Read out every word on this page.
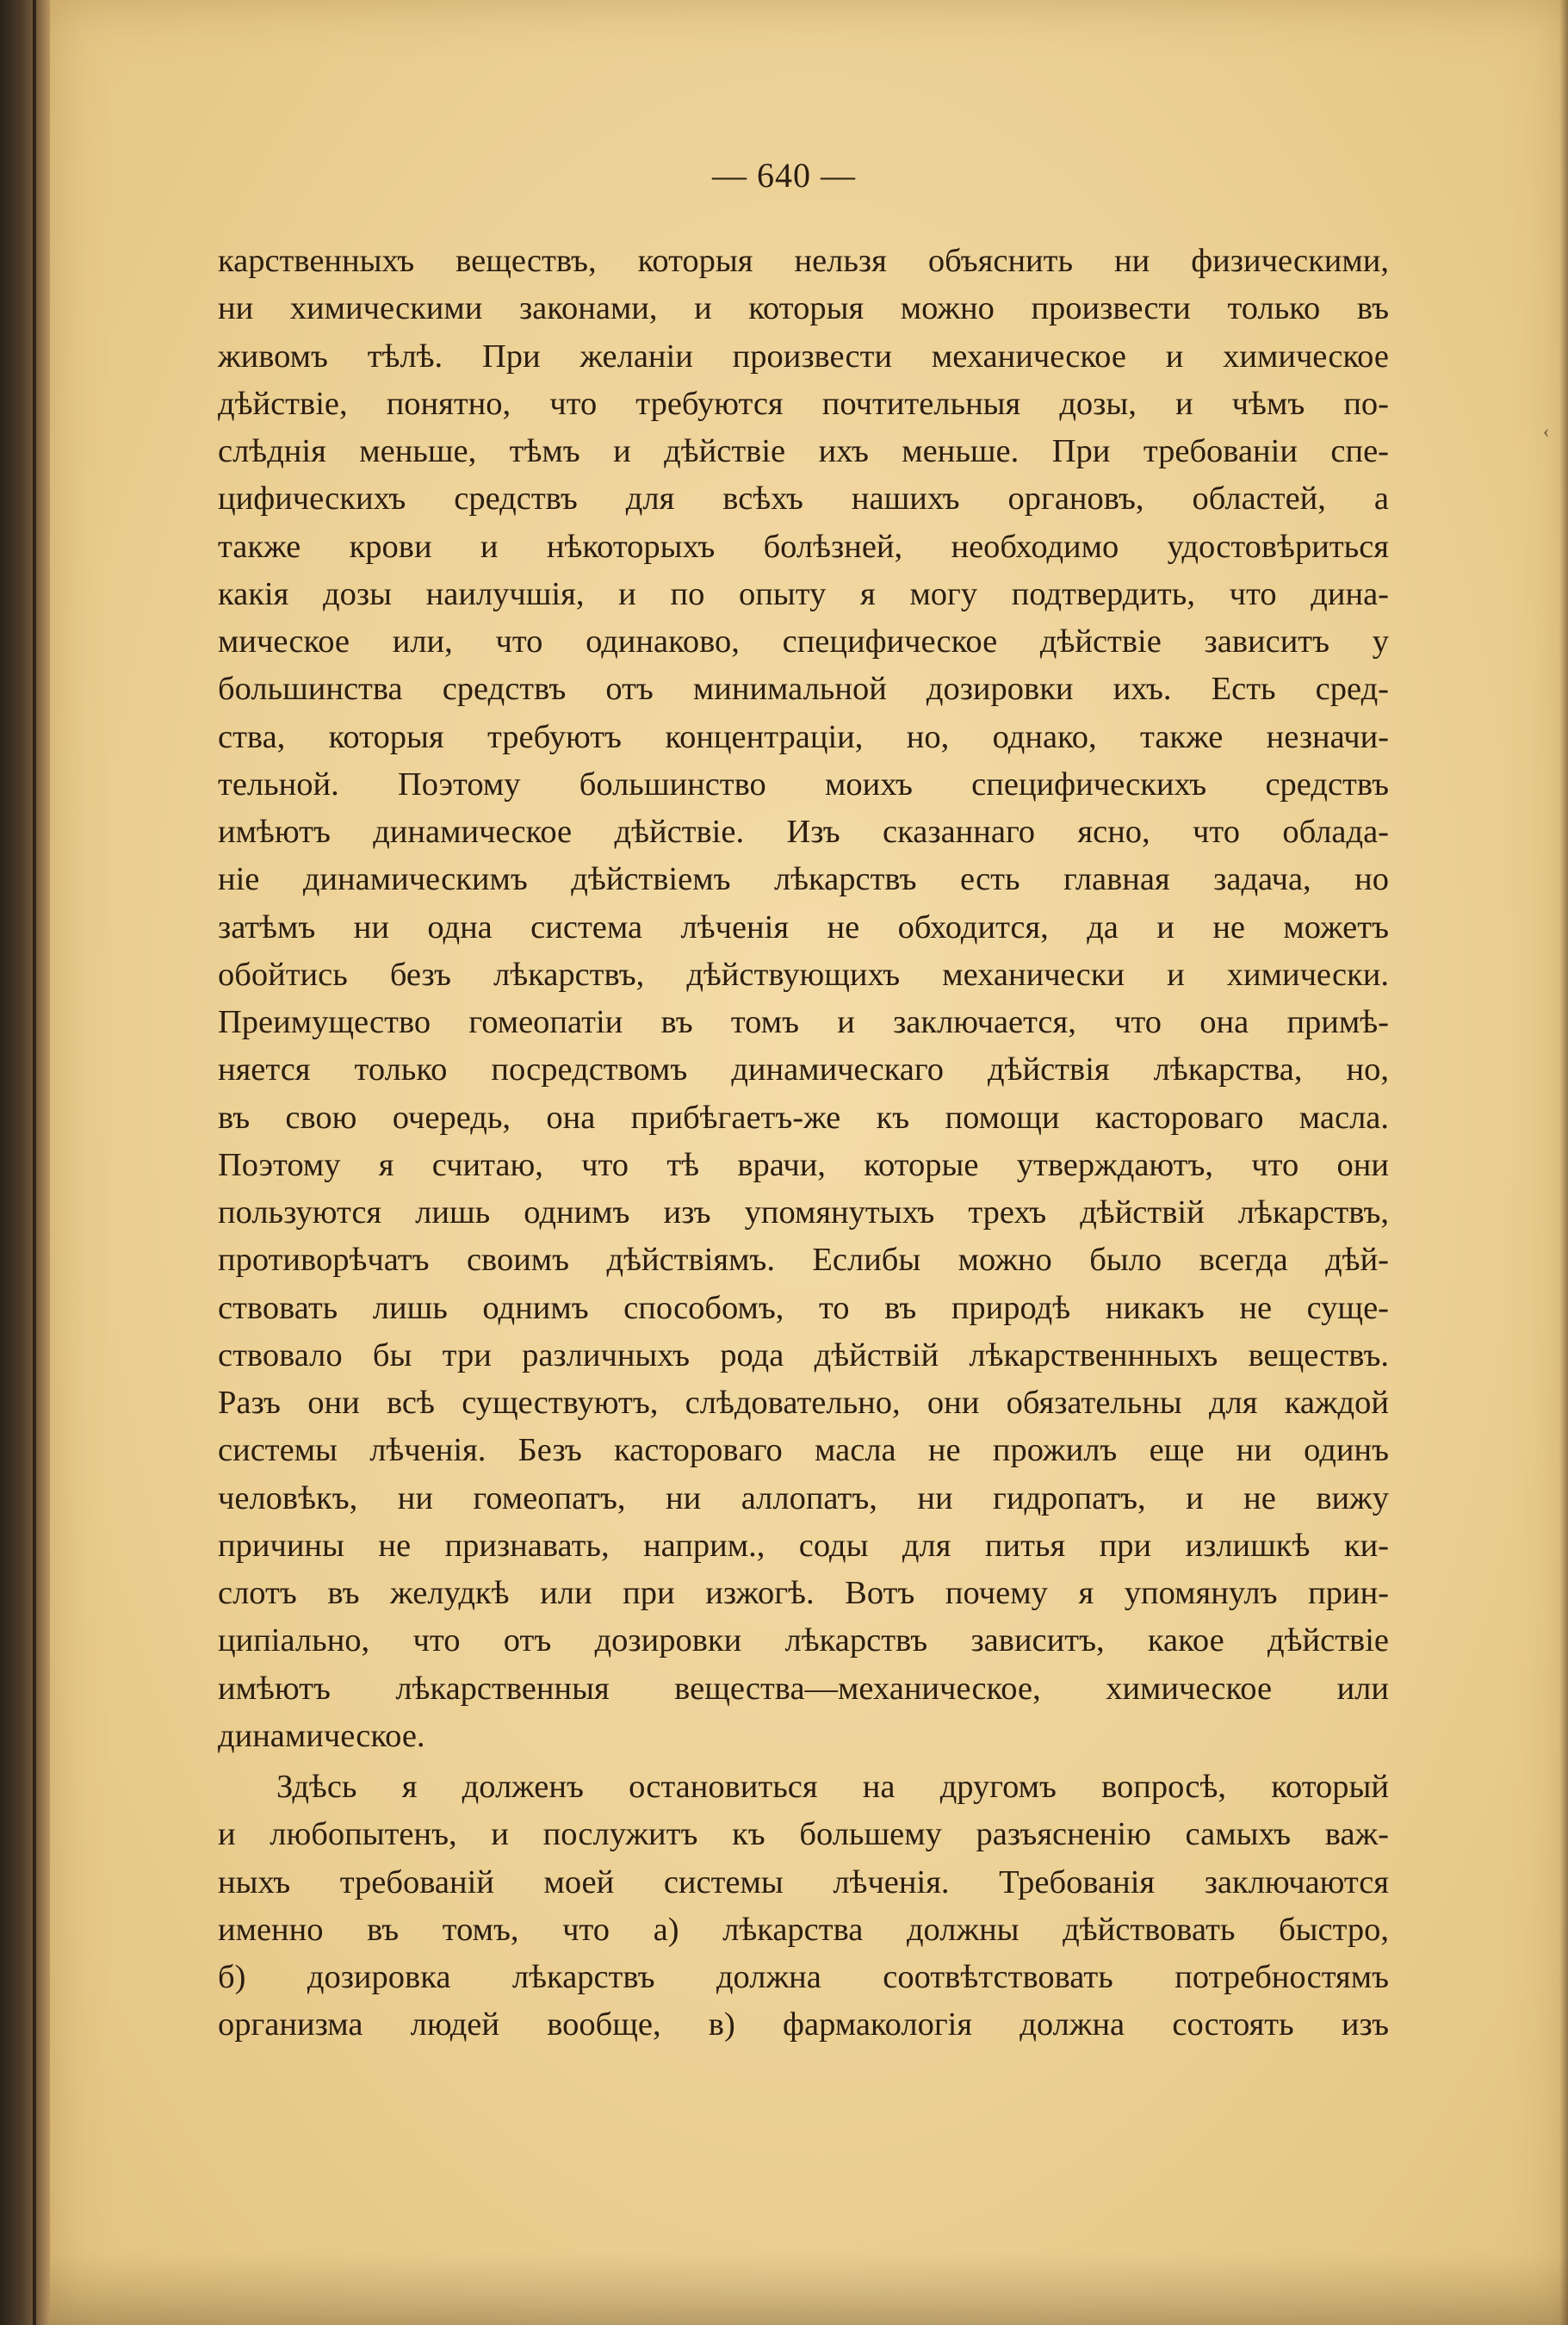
‹
— 640 —
карственныхъ веществъ, которыя нельзя объяснить ни физическими,
ни химическими законами, и которыя можно произвести только въ
живомъ тѣлѣ. При желаніи произвести механическое и химическое
дѣйствіе, понятно, что требуются почтительныя дозы, и чѣмъ по-
слѣднія меньше, тѣмъ и дѣйствіе ихъ меньше. При требованіи спе-
цифическихъ средствъ для всѣхъ нашихъ органовъ, областей, а
также крови и нѣкоторыхъ болѣзней, необходимо удостовѣриться
какія дозы наилучшія, и по опыту я могу подтвердить, что дина-
мическое или, что одинаково, специфическое дѣйствіе зависитъ у
большинства средствъ отъ минимальной дозировки ихъ. Есть сред-
ства, которыя требуютъ концентраціи, но, однако, также незначи-
тельной. Поэтому большинство моихъ специфическихъ средствъ
имѣютъ динамическое дѣйствіе. Изъ сказаннаго ясно, что облада-
ніе динамическимъ дѣйствіемъ лѣкарствъ есть главная задача, но
затѣмъ ни одна система лѣченія не обходится, да и не можетъ
обойтись безъ лѣкарствъ, дѣйствующихъ механически и химически.
Преимущество гомеопатіи въ томъ и заключается, что она примѣ-
няется только посредствомъ динамическаго дѣйствія лѣкарства, но,
въ свою очередь, она прибѣгаетъ-же къ помощи касторовaго масла.
Поэтому я считаю, что тѣ врачи, которые утверждаютъ, что они
пользуются лишь однимъ изъ упомянутыхъ трехъ дѣйствій лѣкарствъ,
противорѣчатъ своимъ дѣйствіямъ. Еслибы можно было всегда дѣй-
ствовать лишь однимъ способомъ, то въ природѣ никакъ не суще-
ствовало бы три различныхъ рода дѣйствій лѣкарственнныхъ веществъ.
Разъ они всѣ существуютъ, слѣдовательно, они обязательны для каждой
системы лѣченія. Безъ касторовaго масла не прожилъ еще ни одинъ
человѣкъ, ни гомеопатъ, ни аллопатъ, ни гидропатъ, и не вижу
причины не признавать, наприм., соды для питья при излишкѣ ки-
слотъ въ желудкѣ или при изжогѣ. Вотъ почему я упомянулъ прин-
ципіально, что отъ дозировки лѣкарствъ зависитъ, какое дѣйствіе
имѣютъ лѣкарственныя вещества—механическое, химическое или
динамическое.
Здѣсь я долженъ остановиться на другомъ вопросѣ, который
и любопытенъ, и послужитъ къ большему разъясненію самыхъ важ-
ныхъ требованій моей системы лѣченія. Требованія заключаются
именно въ томъ, что а) лѣкарства должны дѣйствовать быстро,
б) дозировка лѣкарствъ должна соотвѣтствовать потребностямъ
организма людей вообще, в) фармакологія должна состоять изъ
